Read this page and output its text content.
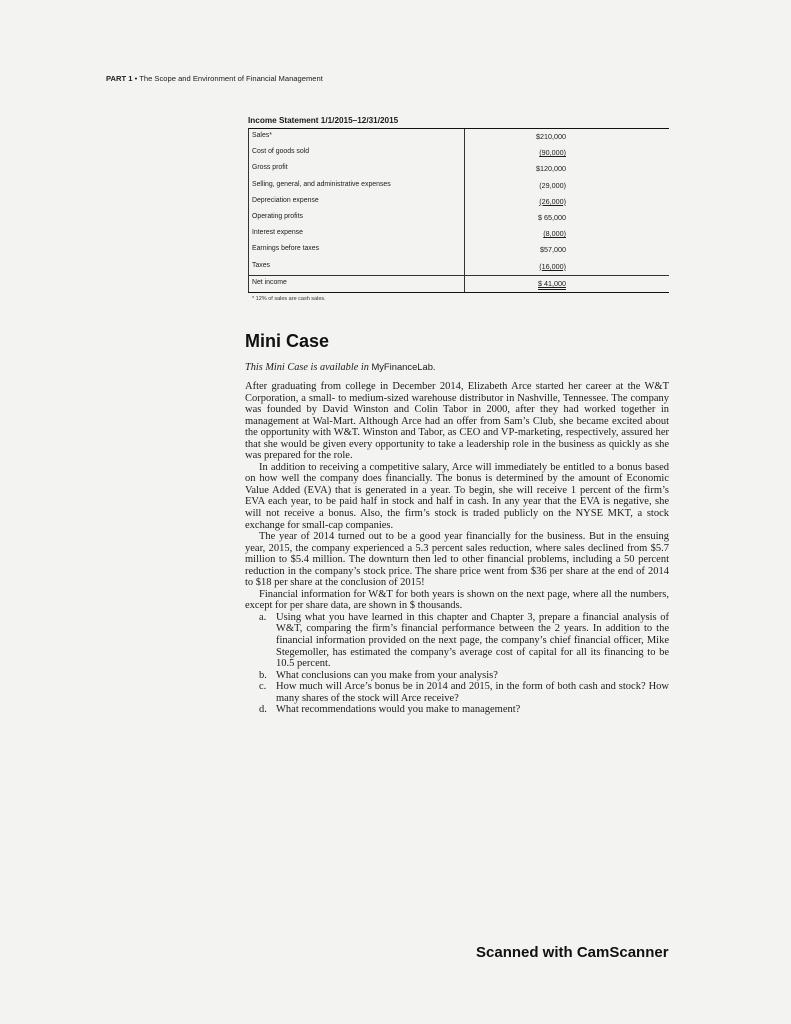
PART 1 • The Scope and Environment of Financial Management
Income Statement 1/1/2015–12/31/2015
Sales*	$210,000
Cost of goods sold	(90,000)
Gross profit	$120,000
Selling, general, and administrative expenses	(29,000)
Depreciation expense	(26,000)
Operating profits	$ 65,000
Interest expense	(8,000)
Earnings before taxes	$57,000
Taxes	(16,000)
Net income	$ 41,000
* 12% of sales are cash sales.
Mini Case
This Mini Case is available in MyFinanceLab.

After graduating from college in December 2014, Elizabeth Arce started her career at the W&T Corporation, a small- to medium-sized warehouse distributor in Nashville, Tennessee. The company was founded by David Winston and Colin Tabor in 2000, after they had worked together in management at Wal-Mart. Although Arce had an offer from Sam’s Club, she became excited about the opportunity with W&T. Winston and Tabor, as CEO and VP-marketing, respectively, assured her that she would be given every opportunity to take a leadership role in the business as quickly as she was prepared for the role.

In addition to receiving a competitive salary, Arce will immediately be entitled to a bonus based on how well the company does financially. The bonus is determined by the amount of Economic Value Added (EVA) that is generated in a year. To begin, she will receive 1 percent of the firm’s EVA each year, to be paid half in stock and half in cash. In any year that the EVA is negative, she will not receive a bonus. Also, the firm’s stock is traded publicly on the NYSE MKT, a stock exchange for small-cap companies.

The year of 2014 turned out to be a good year financially for the business. But in the ensuing year, 2015, the company experienced a 5.3 percent sales reduction, where sales declined from $5.7 million to $5.4 million. The downturn then led to other financial problems, including a 50 percent reduction in the company’s stock price. The share price went from $36 per share at the end of 2014 to $18 per share at the conclusion of 2015!

Financial information for W&T for both years is shown on the next page, where all the numbers, except for per share data, are shown in $ thousands.

a. Using what you have learned in this chapter and Chapter 3, prepare a financial analysis of W&T, comparing the firm’s financial performance between the 2 years. In addition to the financial information provided on the next page, the company’s chief financial officer, Mike Stegemoller, has estimated the company’s average cost of capital for all its financing to be 10.5 percent.
b. What conclusions can you make from your analysis?
c. How much will Arce’s bonus be in 2014 and 2015, in the form of both cash and stock? How many shares of the stock will Arce receive?
d. What recommendations would you make to management?
Scanned with CamScanner
